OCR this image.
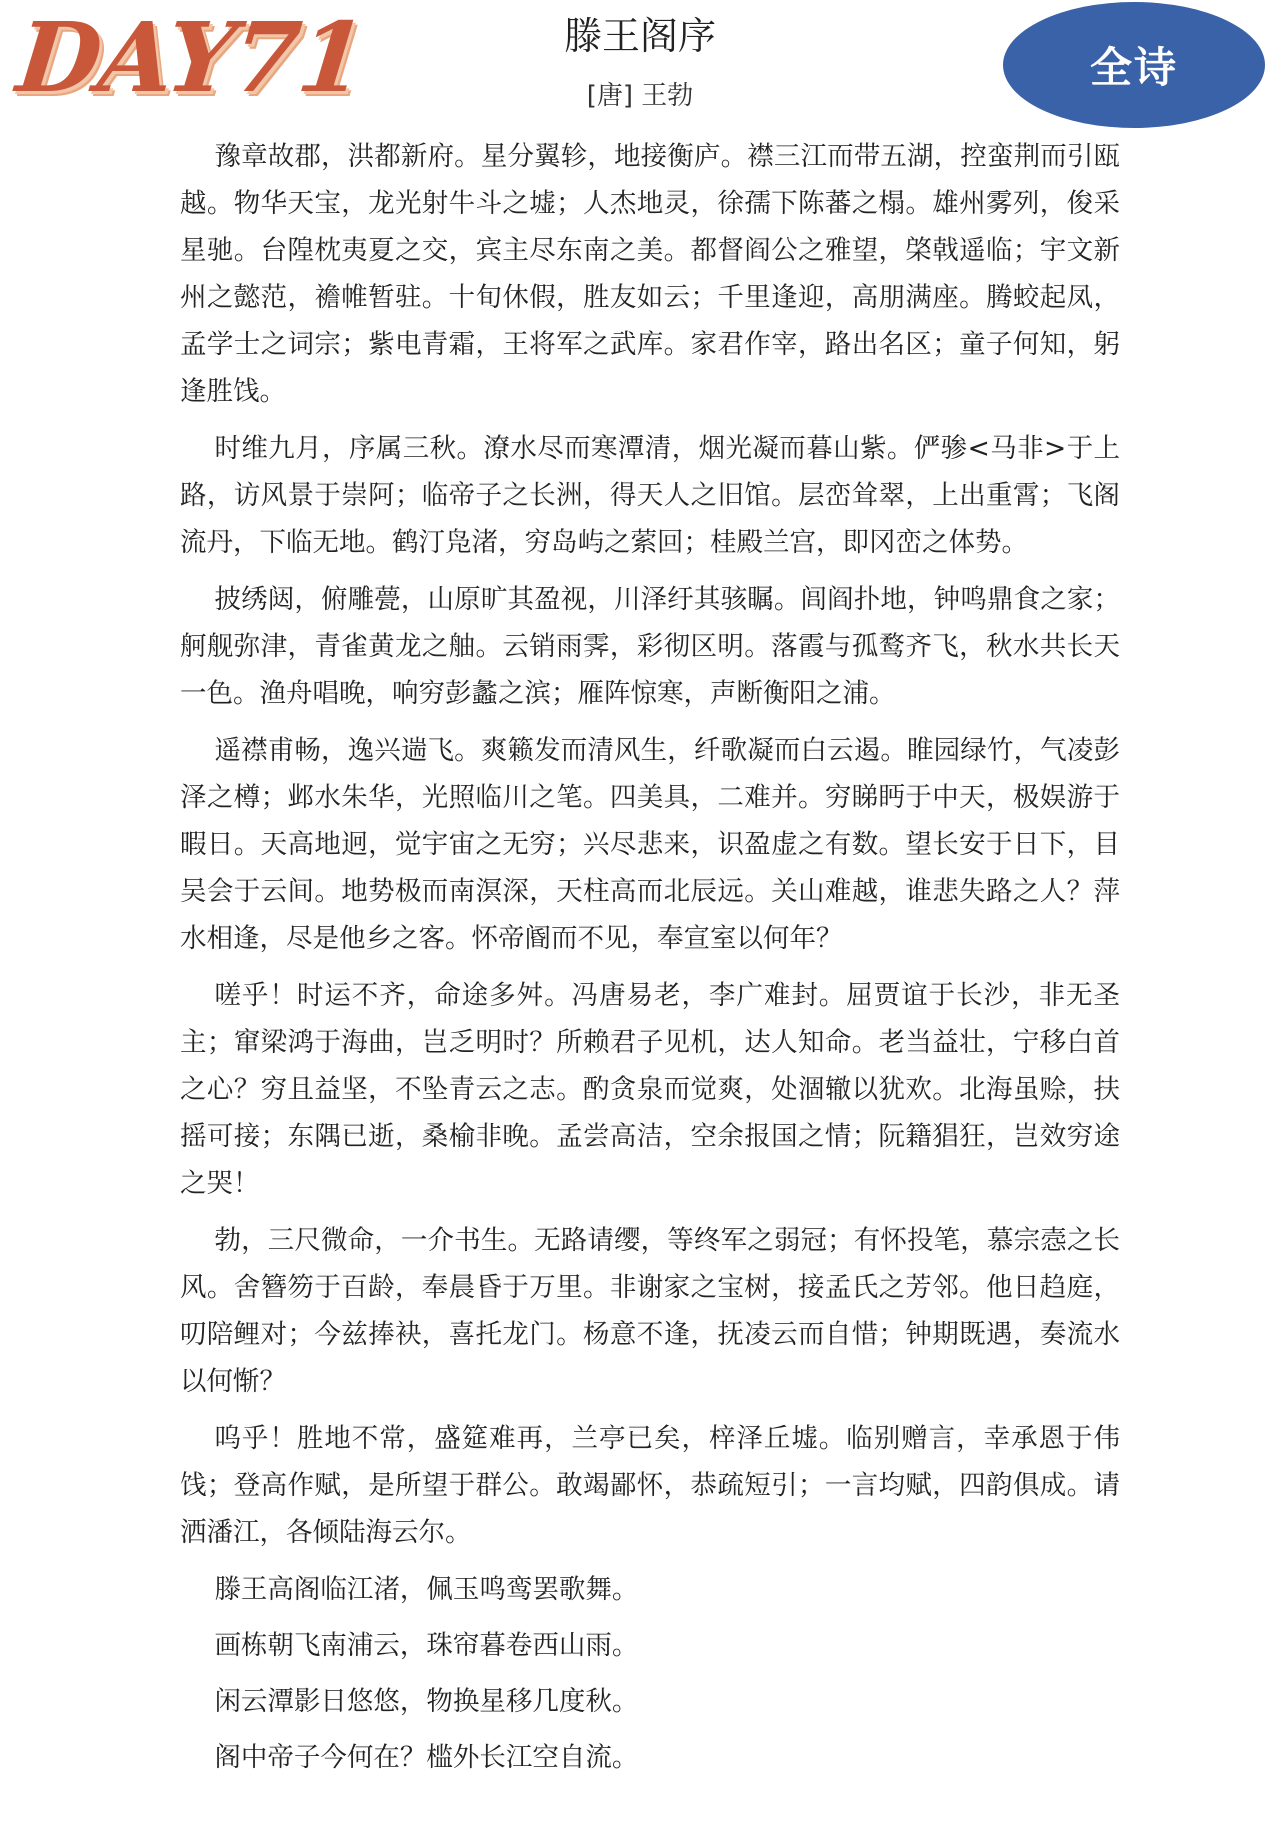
DAY71	滕王阁序
[唐] 王勃
全诗

豫章故郡，洪都新府。星分翼轸，地接衡庐。襟三江而带五湖，控蛮荆而引瓯越。物华天宝，龙光射牛斗之墟；人杰地灵，徐孺下陈蕃之榻。雄州雾列，俊采星驰。台隍枕夷夏之交，宾主尽东南之美。都督阎公之雅望，棨戟遥临；宇文新州之懿范，襜帷暂驻。十旬休假，胜友如云；千里逢迎，高朋满座。腾蛟起凤，孟学士之词宗；紫电青霜，王将军之武库。家君作宰，路出名区；童子何知，躬逢胜饯。

时维九月，序属三秋。潦水尽而寒潭清，烟光凝而暮山紫。俨骖<马非>于上路，访风景于崇阿；临帝子之长洲，得天人之旧馆。层峦耸翠，上出重霄；飞阁流丹，下临无地。鹤汀凫渚，穷岛屿之萦回；桂殿兰宫，即冈峦之体势。

披绣闼，俯雕甍，山原旷其盈视，川泽纡其骇瞩。闾阎扑地，钟鸣鼎食之家；舸舰弥津，青雀黄龙之舳。云销雨霁，彩彻区明。落霞与孤鹜齐飞，秋水共长天一色。渔舟唱晚，响穷彭蠡之滨；雁阵惊寒，声断衡阳之浦。

遥襟甫畅，逸兴遄飞。爽籁发而清风生，纤歌凝而白云遏。睢园绿竹，气凌彭泽之樽；邺水朱华，光照临川之笔。四美具，二难并。穷睇眄于中天，极娱游于暇日。天高地迥，觉宇宙之无穷；兴尽悲来，识盈虚之有数。望长安于日下，目吴会于云间。地势极而南溟深，天柱高而北辰远。关山难越，谁悲失路之人？萍水相逢，尽是他乡之客。怀帝阍而不见，奉宣室以何年？

嗟乎！时运不齐，命途多舛。冯唐易老，李广难封。屈贾谊于长沙，非无圣主；窜梁鸿于海曲，岂乏明时？所赖君子见机，达人知命。老当益壮，宁移白首之心？穷且益坚，不坠青云之志。酌贪泉而觉爽，处涸辙以犹欢。北海虽赊，扶摇可接；东隅已逝，桑榆非晚。孟尝高洁，空余报国之情；阮籍猖狂，岂效穷途之哭！

勃，三尺微命，一介书生。无路请缨，等终军之弱冠；有怀投笔，慕宗悫之长风。舍簪笏于百龄，奉晨昏于万里。非谢家之宝树，接孟氏之芳邻。他日趋庭，叨陪鲤对；今兹捧袂，喜托龙门。杨意不逢，抚凌云而自惜；钟期既遇，奏流水以何惭？

呜乎！胜地不常，盛筵难再，兰亭已矣，梓泽丘墟。临别赠言，幸承恩于伟饯；登高作赋，是所望于群公。敢竭鄙怀，恭疏短引；一言均赋，四韵俱成。请洒潘江，各倾陆海云尔。

滕王高阁临江渚，佩玉鸣鸾罢歌舞。

画栋朝飞南浦云，珠帘暮卷西山雨。

闲云潭影日悠悠，物换星移几度秋。

阁中帝子今何在？槛外长江空自流。
